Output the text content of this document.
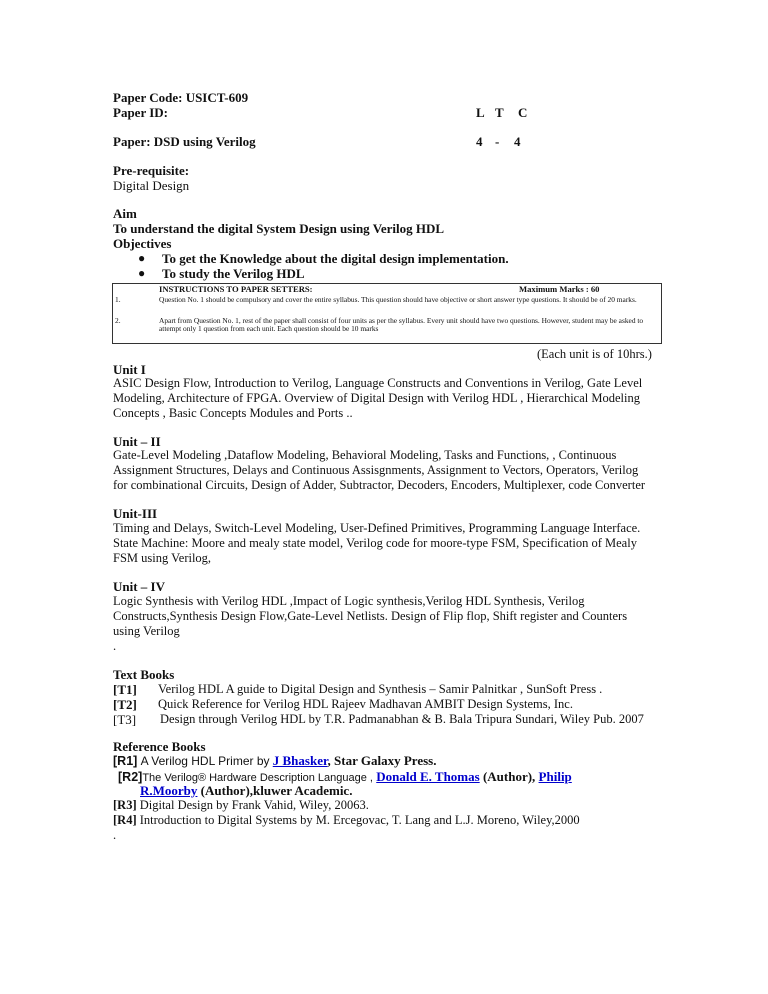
Paper Code: USICT-609
Paper ID:	L T C
Paper: DSD using Verilog	4 - 4
Pre-requisite:
Digital Design
Aim
To understand the digital System Design using Verilog HDL
Objectives
● To get the Knowledge about the digital design implementation.
● To study the Verilog HDL
INSTRUCTIONS TO PAPER SETTERS:	Maximum Marks : 60
1.	Question No. 1 should be compulsory and cover the entire syllabus. This question should have objective or short answer type questions. It should be of 20 marks.
2.	Apart from Question No. 1, rest of the paper shall consist of four units as per the syllabus. Every unit should have two questions. However, student may be asked to attempt only 1 question from each unit. Each question should be 10 marks
(Each unit is of 10hrs.)
Unit I
ASIC Design Flow, Introduction to Verilog, Language Constructs and Conventions in Verilog, Gate Level
Modeling, Architecture of FPGA. Overview of Digital Design with Verilog HDL , Hierarchical Modeling
Concepts , Basic Concepts Modules and Ports ..
Unit – II
Gate-Level Modeling ,Dataflow Modeling, Behavioral Modeling, Tasks and Functions, , Continuous
Assignment Structures, Delays and Continuous Assisgnments, Assignment to Vectors, Operators, Verilog
for combinational Circuits, Design of Adder, Subtractor, Decoders, Encoders, Multiplexer, code Converter
Unit-III
Timing and Delays, Switch-Level Modeling, User-Defined Primitives, Programming Language Interface.
State Machine: Moore and mealy state model, Verilog code for moore-type FSM, Specification of Mealy
FSM using Verilog,
Unit – IV
Logic Synthesis with Verilog HDL ,Impact of Logic synthesis,Verilog HDL Synthesis, Verilog
Constructs,Synthesis Design Flow,Gate-Level Netlists. Design of Flip flop, Shift register and Counters
using Verilog
.
Text Books
[T1] Verilog HDL A guide to Digital Design and Synthesis – Samir Palnitkar , SunSoft Press .
[T2] Quick Reference for Verilog HDL Rajeev Madhavan AMBIT Design Systems, Inc.
[T3] Design through Verilog HDL by T.R. Padmanabhan & B. Bala Tripura Sundari, Wiley Pub. 2007
Reference Books
[R1] A Verilog HDL Primer by J Bhasker, Star Galaxy Press.
[R2]The Verilog® Hardware Description Language , Donald E. Thomas (Author), Philip
R.Moorby (Author),kluwer Academic.
[R3] Digital Design by Frank Vahid, Wiley, 20063.
[R4] Introduction to Digital Systems by M. Ercegovac, T. Lang and L.J. Moreno, Wiley,2000
.
